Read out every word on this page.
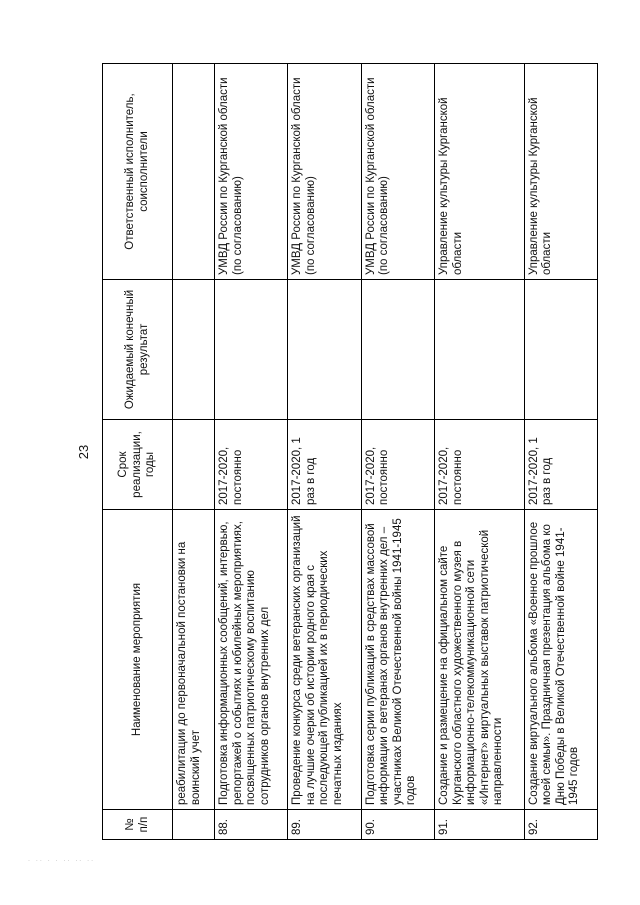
23
№ п/п	Наименование мероприятия	Срок реализации, годы	Ожидаемый конечный результат	Ответственный исполнитель, соисполнители
	реабилитации до первоначальной постановки на воинский учет			
88.	Подготовка информационных сообщений, интервью, репортажей о событиях и юбилейных мероприятиях, посвященных патриотическому воспитанию сотрудников органов внутренних дел	2017-2020, постоянно		УМВД России по Курганской области (по согласованию)
89.	Проведение конкурса среди ветеранских организаций на лучшие очерки об истории родного края с последующей публикацией их в периодических печатных изданиях	2017-2020, 1 раз в год		УМВД России по Курганской области (по согласованию)
90.	Подготовка серии публикаций в средствах массовой информации о ветеранах органов внутренних дел – участниках Великой Отечественной войны 1941-1945 годов	2017-2020, постоянно		УМВД России по Курганской области (по согласованию)
91.	Создание и размещение на официальном сайте Курганского областного художественного музея в информационно-телекоммуникационной сети «Интернет» виртуальных выставок патриотической направленности	2017-2020, постоянно		Управление культуры Курганской области
92.	Создание виртуального альбома «Военное прошлое моей семьи». Праздничная презентация альбома ко Дню Победы в Великой Отечественной войне 1941-1945 годов	2017-2020, 1 раз в год		Управление культуры Курганской области
. .. . . .. .. ..
